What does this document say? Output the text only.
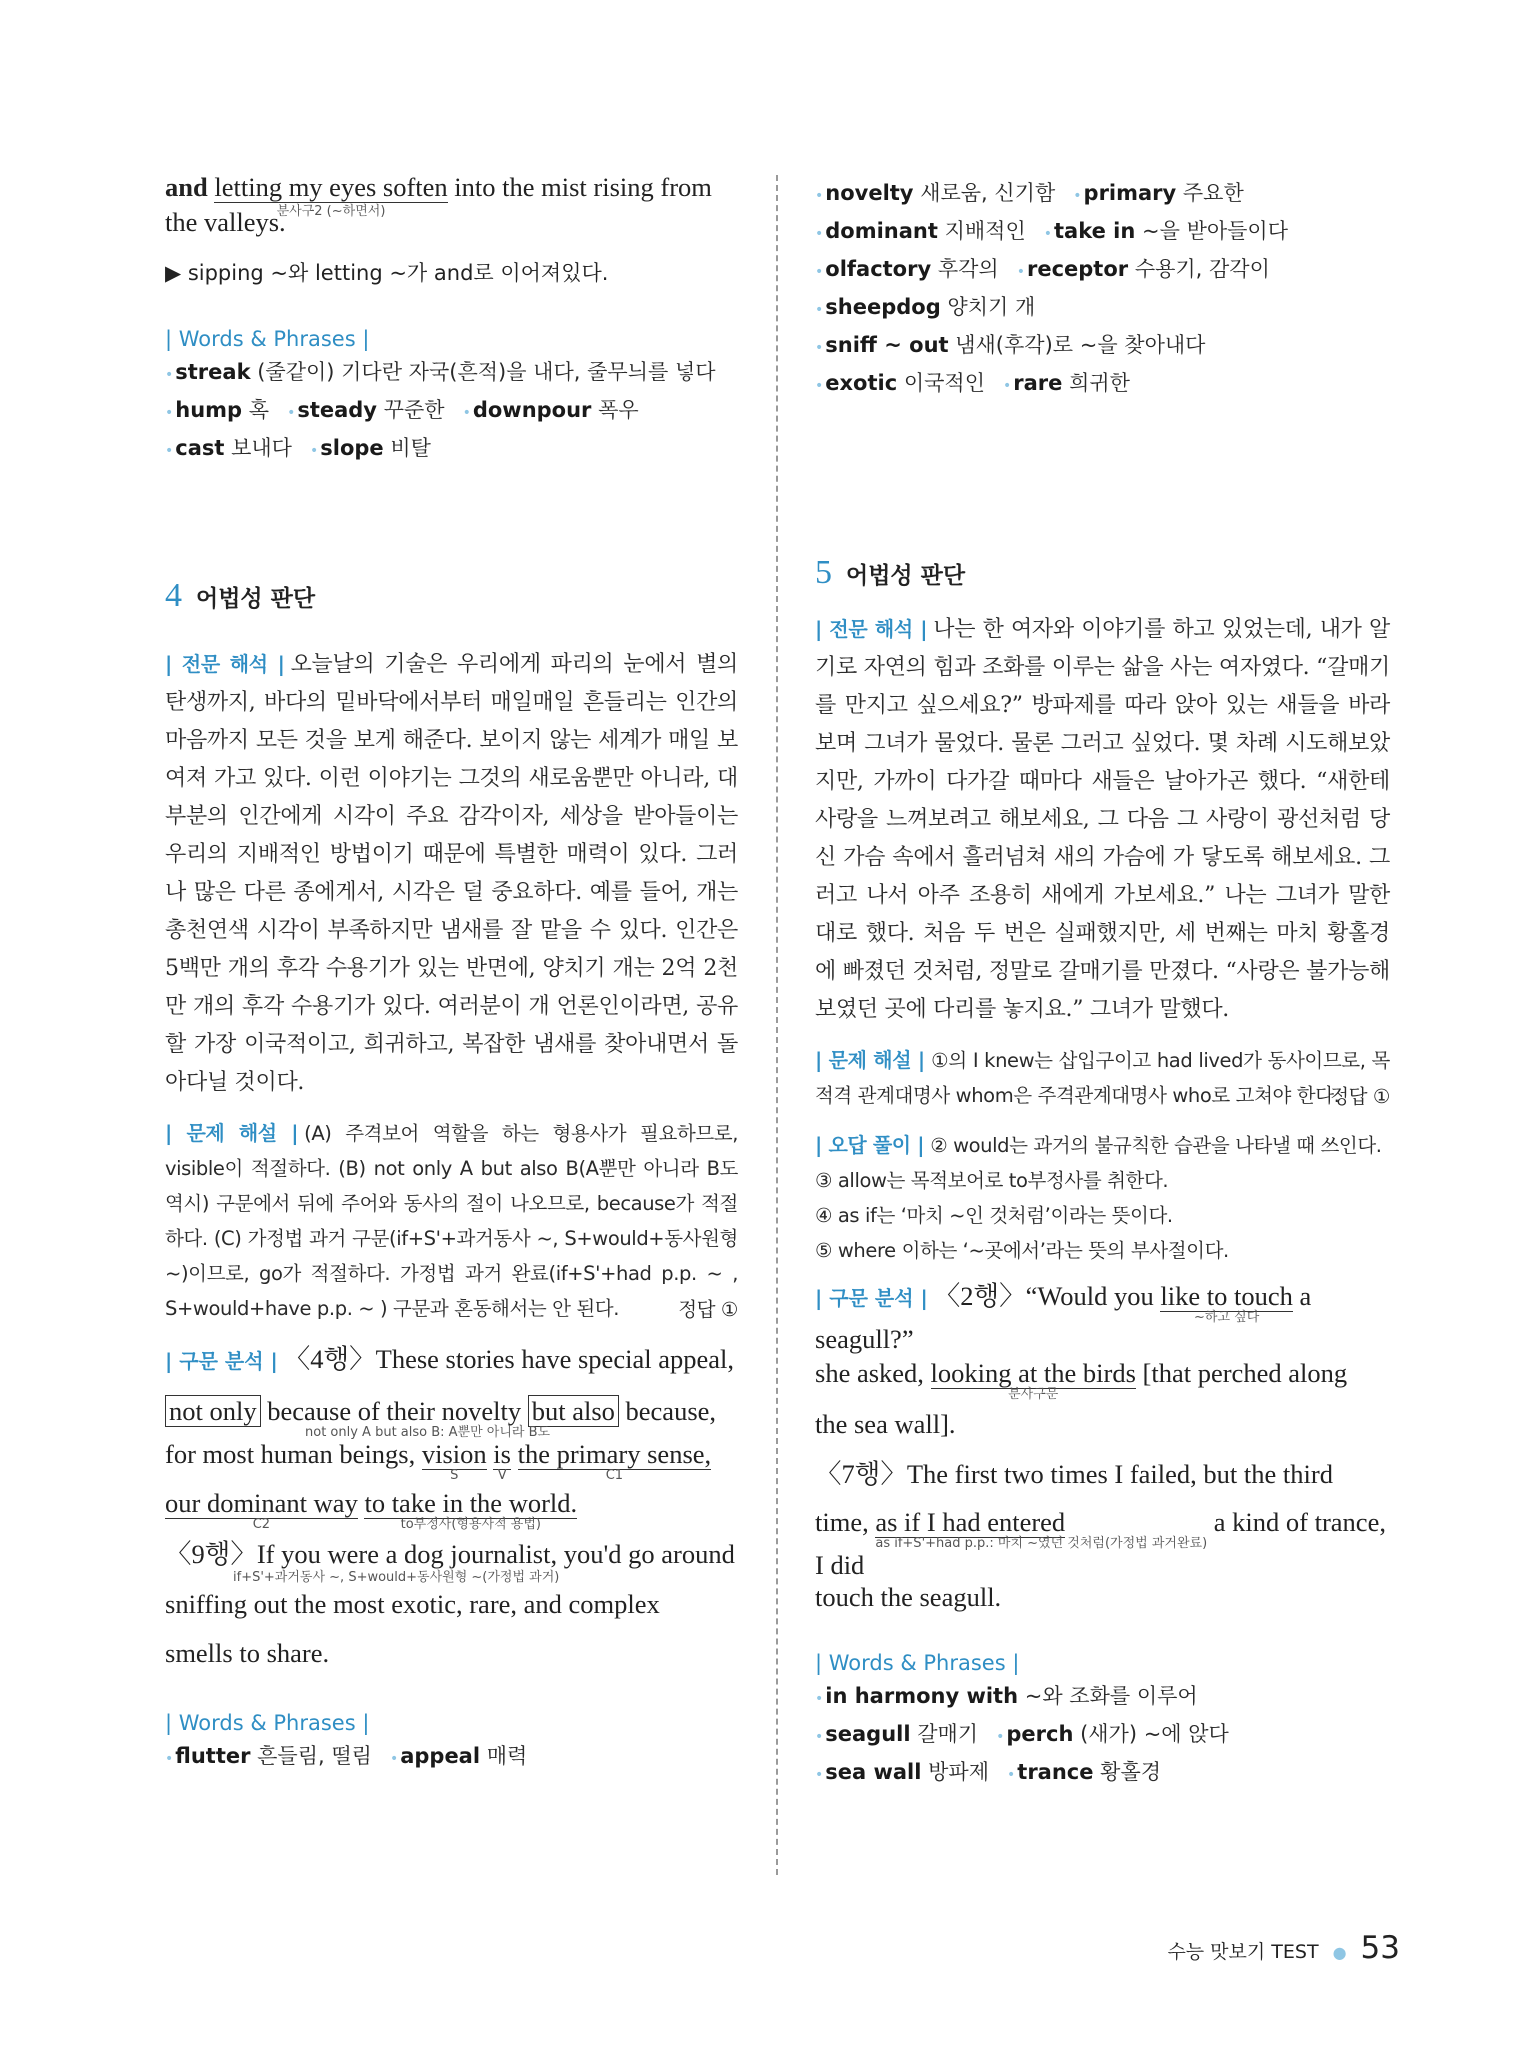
and letting my eyes soften
분사구2 (~하면서)
into the mist rising from
the valleys.

▶ sipping ~와 letting ~가 and로 이어져있다.

| Words & Phrases |
•streak (줄같이) 기다란 자국(흔적)을 내다, 줄무늬를 넣다
•hump 혹 •steady 꾸준한 •downpour 폭우
•cast 보내다 •slope 비탈
4 어법성 판단

| 전문 해석 | 오늘날의 기술은 우리에게 파리의 눈에서 별의 탄생까지, 바다의 밑바닥에서부터 매일매일 흔들리는 인간의 마음까지 모든 것을 보게 해준다. 보이지 않는 세계가 매일 보여져 가고 있다. 이런 이야기는 그것의 새로움뿐만 아니라, 대부분의 인간에게 시각이 주요 감각이자, 세상을 받아들이는 우리의 지배적인 방법이기 때문에 특별한 매력이 있다. 그러나 많은 다른 종에게서, 시각은 덜 중요하다. 예를 들어, 개는 총천연색 시각이 부족하지만 냄새를 잘 맡을 수 있다. 인간은 5백만 개의 후각 수용기가 있는 반면에, 양치기 개는 2억 2천만 개의 후각 수용기가 있다. 여러분이 개 언론인이라면, 공유할 가장 이국적이고, 희귀하고, 복잡한 냄새를 찾아내면서 돌아다닐 것이다.

| 문제 해설 | (A) 주격보어 역할을 하는 형용사가 필요하므로, visible이 적절하다. (B) not only A but also B(A뿐만 아니라 B도 역시) 구문에서 뒤에 주어와 동사의 절이 나오므로, because가 적절하다. (C) 가정법 과거 구문(if+S'+과거동사 ~, S+would+동사원형 ~)이므로, go가 적절하다. 가정법 과거 완료(if+S'+had p.p. ~ , S+would+have p.p. ~ ) 구문과 혼동해서는 안 된다.	정답 ①

| 구문 분석 | 〈4행〉These stories have special appeal,
not only because of their novelty but also because,
not only A but also B: A뿐만 아니라 B도
for most human beings, vision
S
is
V
the primary sense,
C1
our dominant way
C2
to take in the world.
to부정사(형용사적 용법)
〈9행〉If you were a dog journalist, you'd go around
if+S'+과거동사 ~, S+would+동사원형 ~(가정법 과거)
sniffing out the most exotic, rare, and complex
smells to share.
| Words & Phrases |
•flutter 흔들림, 떨림 •appeal 매력
•novelty 새로움, 신기함 •primary 주요한
•dominant 지배적인 •take in ~을 받아들이다
•olfactory 후각의 •receptor 수용기, 감각이
•sheepdog 양치기 개
•sniff ~ out 냄새(후각)로 ~을 찾아내다
•exotic 이국적인 •rare 희귀한
5 어법성 판단

| 전문 해석 | 나는 한 여자와 이야기를 하고 있었는데, 내가 알기로 자연의 힘과 조화를 이루는 삶을 사는 여자였다. “갈매기를 만지고 싶으세요?” 방파제를 따라 앉아 있는 새들을 바라보며 그녀가 물었다. 물론 그러고 싶었다. 몇 차례 시도해보았지만, 가까이 다가갈 때마다 새들은 날아가곤 했다. “새한테 사랑을 느껴보려고 해보세요, 그 다음 그 사랑이 광선처럼 당신 가슴 속에서 흘러넘쳐 새의 가슴에 가 닿도록 해보세요. 그러고 나서 아주 조용히 새에게 가보세요.” 나는 그녀가 말한 대로 했다. 처음 두 번은 실패했지만, 세 번째는 마치 황홀경에 빠졌던 것처럼, 정말로 갈매기를 만졌다. “사랑은 불가능해 보였던 곳에 다리를 놓지요.” 그녀가 말했다.

| 문제 해설 | ①의 I knew는 삽입구이고 had lived가 동사이므로, 목적격 관계대명사 whom은 주격관계대명사 who로 고쳐야 한다.

정답 ①

| 오답 풀이 | ② would는 과거의 불규칙한 습관을 나타낼 때 쓰인다.

③ allow는 목적보어로 to부정사를 취한다.

④ as if는 ‘마치 ~인 것처럼’이라는 뜻이다.

⑤ where 이하는 ‘~곳에서’라는 뜻의 부사절이다.

| 구문 분석 | 〈2행〉“Would you like to touch
~하고 싶다
a seagull?”
she asked, looking at the birds
분사구문
[that perched along
the sea wall].
〈7행〉The first two times I failed, but the third
time, as if I had entered
as if+S'+had p.p.: 마치 ~였던 것처럼(가정법 과거완료)
a kind of trance, I did
touch the seagull.
| Words & Phrases |
•in harmony with ~와 조화를 이루어
•seagull 갈매기 •perch (새가) ~에 앉다
•sea wall 방파제 •trance 황홀경
수능 맛보기 TEST ● 53
